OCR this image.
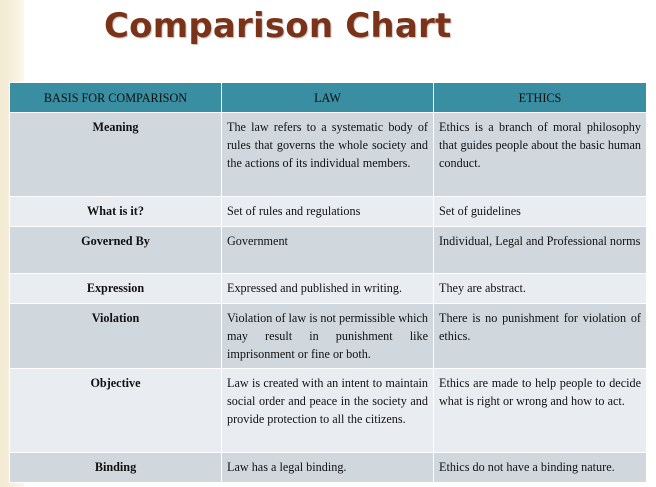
Comparison Chart
BASIS FOR COMPARISON	LAW	ETHICS
Meaning	The law refers to a systematic body of rules that governs the whole society and the actions of its individual members.	Ethics is a branch of moral philosophy that guides people about the basic human conduct.
What is it?	Set of rules and regulations	Set of guidelines
Governed By	Government	Individual, Legal and Professional norms
Expression	Expressed and published in writing.	They are abstract.
Violation	Violation of law is not permissible which may result in punishment like imprisonment or fine or both.	There is no punishment for violation of ethics.
Objective	Law is created with an intent to maintain social order and peace in the society and provide protection to all the citizens.	Ethics are made to help people to decide what is right or wrong and how to act.
Binding	Law has a legal binding.	Ethics do not have a binding nature.
